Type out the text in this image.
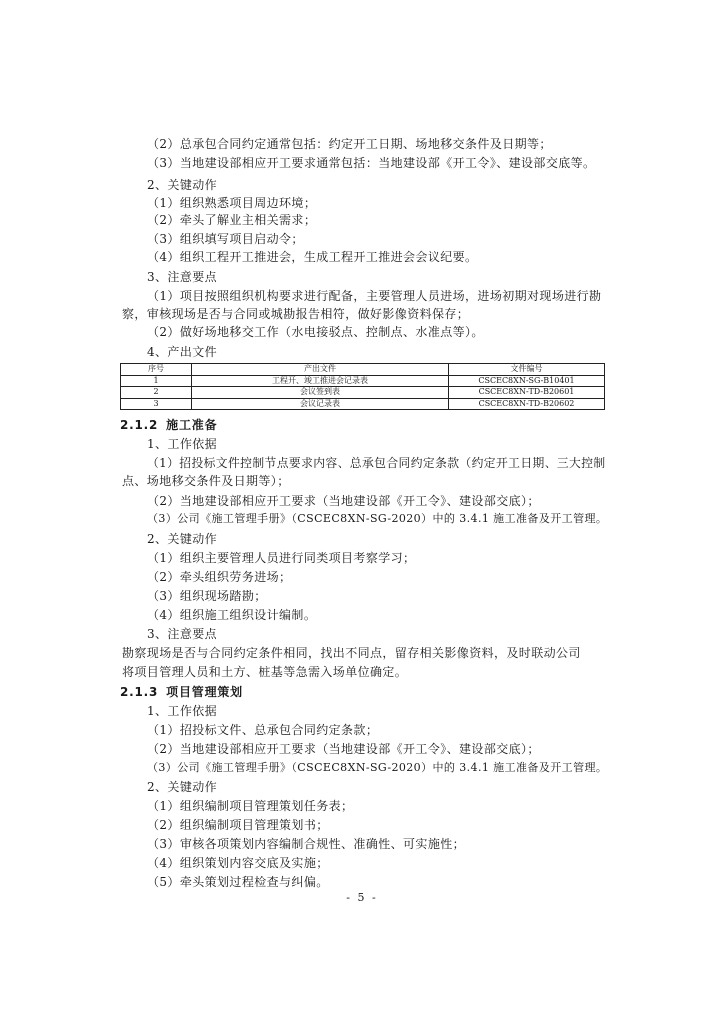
（2）总承包合同约定通常包括：约定开工日期、场地移交条件及日期等；
（3）当地建设部相应开工要求通常包括：当地建设部《开工令》、建设部交底等。
2、关键动作
（1）组织熟悉项目周边环境；
（2）牵头了解业主相关需求；
（3）组织填写项目启动令；
（4）组织工程开工推进会，生成工程开工推进会会议纪要。
3、注意要点
（1）项目按照组织机构要求进行配备，主要管理人员进场，进场初期对现场进行勘
察，审核现场是否与合同或城勘报告相符，做好影像资料保存；
（2）做好场地移交工作（水电接驳点、控制点、水准点等）。
4、产出文件
序号	产出文件	文件编号
1	工程开、竣工推进会记录表	CSCEC8XN-SG-B10401
2	会议签到表	CSCEC8XN-TD-B20601
3	会议记录表	CSCEC8XN-TD-B20602
2.1.2 施工准备
1、工作依据
（1）招投标文件控制节点要求内容、总承包合同约定条款（约定开工日期、三大控制
点、场地移交条件及日期等）；
（2）当地建设部相应开工要求（当地建设部《开工令》、建设部交底）；
（3）公司《施工管理手册》（CSCEC8XN-SG-2020）中的 3.4.1 施工准备及开工管理。
2、关键动作
（1）组织主要管理人员进行同类项目考察学习；
（2）牵头组织劳务进场；
（3）组织现场踏勘；
（4）组织施工组织设计编制。
3、注意要点
勘察现场是否与合同约定条件相同，找出不同点，留存相关影像资料，及时联动公司
将项目管理人员和土方、桩基等急需入场单位确定。
2.1.3 项目管理策划
1、工作依据
（1）招投标文件、总承包合同约定条款；
（2）当地建设部相应开工要求（当地建设部《开工令》、建设部交底）；
（3）公司《施工管理手册》（CSCEC8XN-SG-2020）中的 3.4.1 施工准备及开工管理。
2、关键动作
（1）组织编制项目管理策划任务表；
（2）组织编制项目管理策划书；
（3）审核各项策划内容编制合规性、准确性、可实施性；
（4）组织策划内容交底及实施；
（5）牵头策划过程检查与纠偏。
- 5 -
